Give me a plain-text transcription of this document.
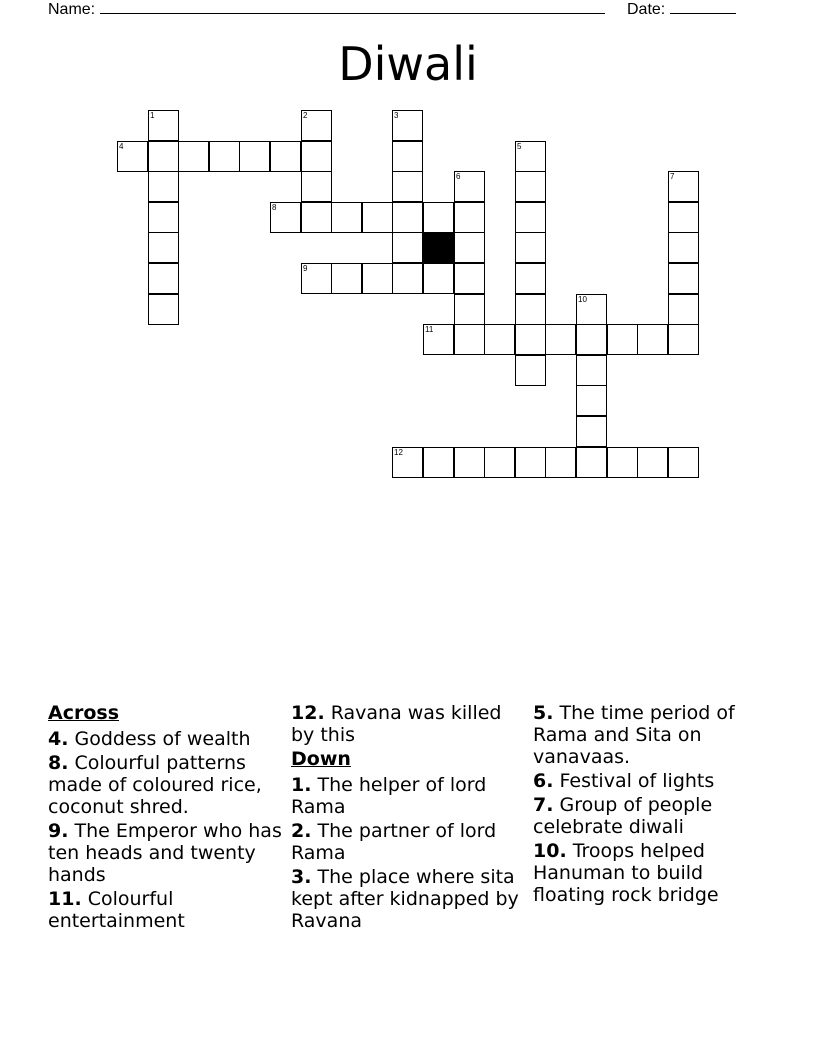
Name:	Date:
Diwali
1	2	3
4	5
6	7
8
9
10
11
12
Across
4. Goddess of wealth
8. Colourful patterns made of coloured rice, coconut shred.
9. The Emperor who has ten heads and twenty hands
11. Colourful entertainment
12. Ravana was killed by this
Down
1. The helper of lord Rama
2. The partner of lord Rama
3. The place where sita kept after kidnapped by Ravana
5. The time period of Rama and Sita on vanavaas.
6. Festival of lights
7. Group of people celebrate diwali
10. Troops helped Hanuman to build floating rock bridge
